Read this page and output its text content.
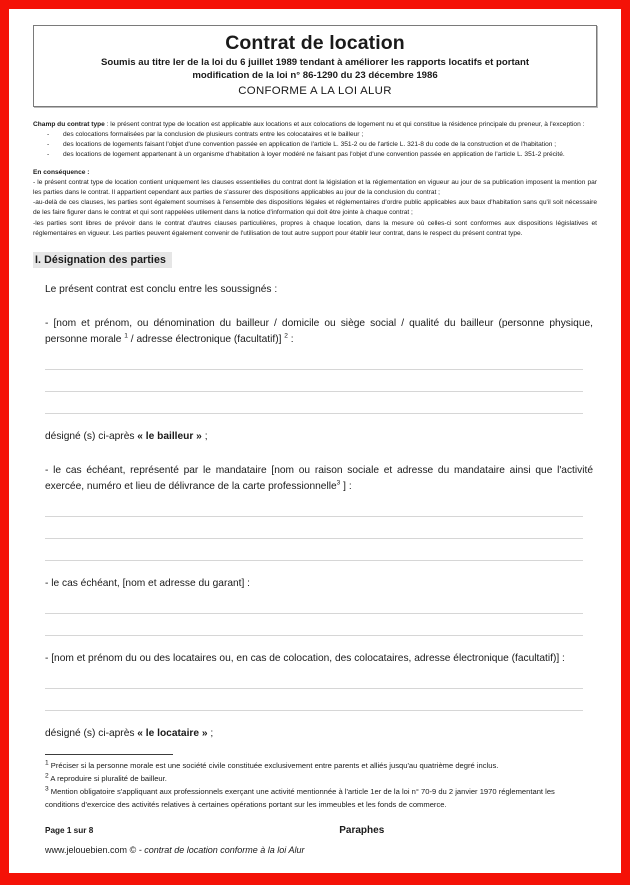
Contrat de location
Soumis au titre Ier de la loi du 6 juillet 1989 tendant à améliorer les rapports locatifs et portant
modification de la loi n° 86-1290 du 23 décembre 1986
CONFORME A LA LOI ALUR

Champ du contrat type : le présent contrat type de location est applicable aux locations et aux colocations de logement nu et qui constitue la résidence principale du preneur, à l'exception :

- des colocations formalisées par la conclusion de plusieurs contrats entre les colocataires et le bailleur ;
- des locations de logements faisant l'objet d'une convention passée en application de l'article L. 351-2 ou de l'article L. 321-8 du code de la construction et de l'habitation ;
- des locations de logement appartenant à un organisme d'habitation à loyer modéré ne faisant pas l'objet d'une convention passée en application de l'article L. 351-2 précité.

En conséquence :

- le présent contrat type de location contient uniquement les clauses essentielles du contrat dont la législation et la réglementation en vigueur au jour de sa publication imposent la mention par les parties dans le contrat. Il appartient cependant aux parties de s'assurer des dispositions applicables au jour de la conclusion du contrat ;

-au-delà de ces clauses, les parties sont également soumises à l'ensemble des dispositions légales et réglementaires d'ordre public applicables aux baux d'habitation sans qu'il soit nécessaire de les faire figurer dans le contrat et qui sont rappelées utilement dans la notice d'information qui doit être jointe à chaque contrat ;

-les parties sont libres de prévoir dans le contrat d'autres clauses particulières, propres à chaque location, dans la mesure où celles-ci sont conformes aux dispositions législatives et réglementaires en vigueur. Les parties peuvent également convenir de l'utilisation de tout autre support pour établir leur contrat, dans le respect du présent contrat type.

I. Désignation des parties

Le présent contrat est conclu entre les soussignés :

- [nom et prénom, ou dénomination du bailleur / domicile ou siège social / qualité du bailleur (personne physique, personne morale $^1$ / adresse électronique (facultatif)] $^2$ :

désigné (s) ci-après « le bailleur » ;

- le cas échéant, représenté par le mandataire [nom ou raison sociale et adresse du mandataire ainsi que l'activité exercée, numéro et lieu de délivrance de la carte professionnelle$^3$ ] :

- le cas échéant, [nom et adresse du garant] :

- [nom et prénom du ou des locataires ou, en cas de colocation, des colocataires, adresse électronique (facultatif)] :

désigné (s) ci-après « le locataire » ;

$^1$ Préciser si la personne morale est une société civile constituée exclusivement entre parents et alliés jusqu'au quatrième degré inclus.

$^2$ A reproduire si pluralité de bailleur.

$^3$ Mention obligatoire s'appliquant aux professionnels exerçant une activité mentionnée à l'article 1er de la loi n° 70-9 du 2 janvier 1970 réglementant les conditions d'exercice des activités relatives à certaines opérations portant sur les immeubles et les fonds de commerce.

Page 1 sur 8	Paraphes
www.jelouebien.com © - contrat de location conforme à la loi Alur
